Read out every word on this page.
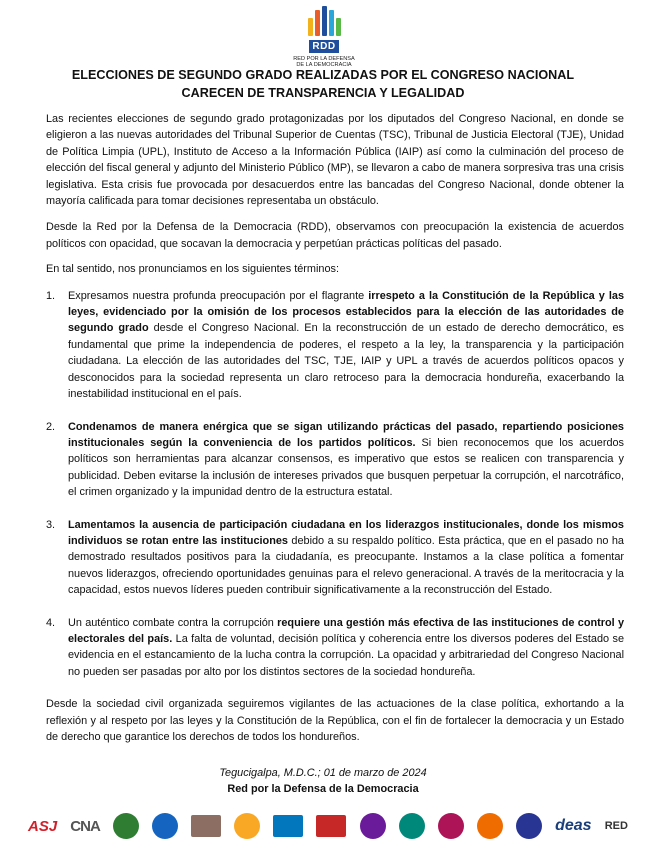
RDD
RED POR LA DEFENSA
DE LA DEMOCRACIA
ELECCIONES DE SEGUNDO GRADO REALIZADAS POR EL CONGRESO NACIONAL
CARECEN DE TRANSPARENCIA Y LEGALIDAD

Las recientes elecciones de segundo grado protagonizadas por los diputados del Congreso Nacional, en donde se eligieron a las nuevas autoridades del Tribunal Superior de Cuentas (TSC), Tribunal de Justicia Electoral (TJE), Unidad de Política Limpia (UPL), Instituto de Acceso a la Información Pública (IAIP) así como la culminación del proceso de elección del fiscal general y adjunto del Ministerio Público (MP), se llevaron a cabo de manera sorpresiva tras una crisis legislativa. Esta crisis fue provocada por desacuerdos entre las bancadas del Congreso Nacional, donde obtener la mayoría calificada para tomar decisiones representaba un obstáculo.

Desde la Red por la Defensa de la Democracia (RDD), observamos con preocupación la existencia de acuerdos políticos con opacidad, que socavan la democracia y perpetúan prácticas políticas del pasado.

En tal sentido, nos pronunciamos en los siguientes términos:

1.	Expresamos nuestra profunda preocupación por el flagrante irrespeto a la Constitución de la República y las leyes, evidenciado por la omisión de los procesos establecidos para la elección de las autoridades de segundo grado desde el Congreso Nacional. En la reconstrucción de un estado de derecho democrático, es fundamental que prime la independencia de poderes, el respeto a la ley, la transparencia y la participación ciudadana. La elección de las autoridades del TSC, TJE, IAIP y UPL a través de acuerdos políticos opacos y desconocidos para la sociedad representa un claro retroceso para la democracia hondureña, exacerbando la inestabilidad institucional en el país.
2.	Condenamos de manera enérgica que se sigan utilizando prácticas del pasado, repartiendo posiciones institucionales según la conveniencia de los partidos políticos. Si bien reconocemos que los acuerdos políticos son herramientas para alcanzar consensos, es imperativo que estos se realicen con transparencia y publicidad. Deben evitarse la inclusión de intereses privados que busquen perpetuar la corrupción, el narcotráfico, el crimen organizado y la impunidad dentro de la estructura estatal.
3.	Lamentamos la ausencia de participación ciudadana en los liderazgos institucionales, donde los mismos individuos se rotan entre las instituciones debido a su respaldo político. Esta práctica, que en el pasado no ha demostrado resultados positivos para la ciudadanía, es preocupante. Instamos a la clase política a fomentar nuevos liderazgos, ofreciendo oportunidades genuinas para el relevo generacional. A través de la meritocracia y la capacidad, estos nuevos líderes pueden contribuir significativamente a la reconstrucción del Estado.
4.	Un auténtico combate contra la corrupción requiere una gestión más efectiva de las instituciones de control y electorales del país. La falta de voluntad, decisión política y coherencia entre los diversos poderes del Estado se evidencia en el estancamiento de la lucha contra la corrupción. La opacidad y arbitrariedad del Congreso Nacional no pueden ser pasadas por alto por los distintos sectores de la sociedad hondureña.

Desde la sociedad civil organizada seguiremos vigilantes de las actuaciones de la clase política, exhortando a la reflexión y al respeto por las leyes y la Constitución de la República, con el fin de fortalecer la democracia y un Estado de derecho que garantice los derechos de todos los hondureños.

Tegucigalpa, M.D.C.; 01 de marzo de 2024
Red por la Defensa de la Democracia
ASJ CNA	deas RED
